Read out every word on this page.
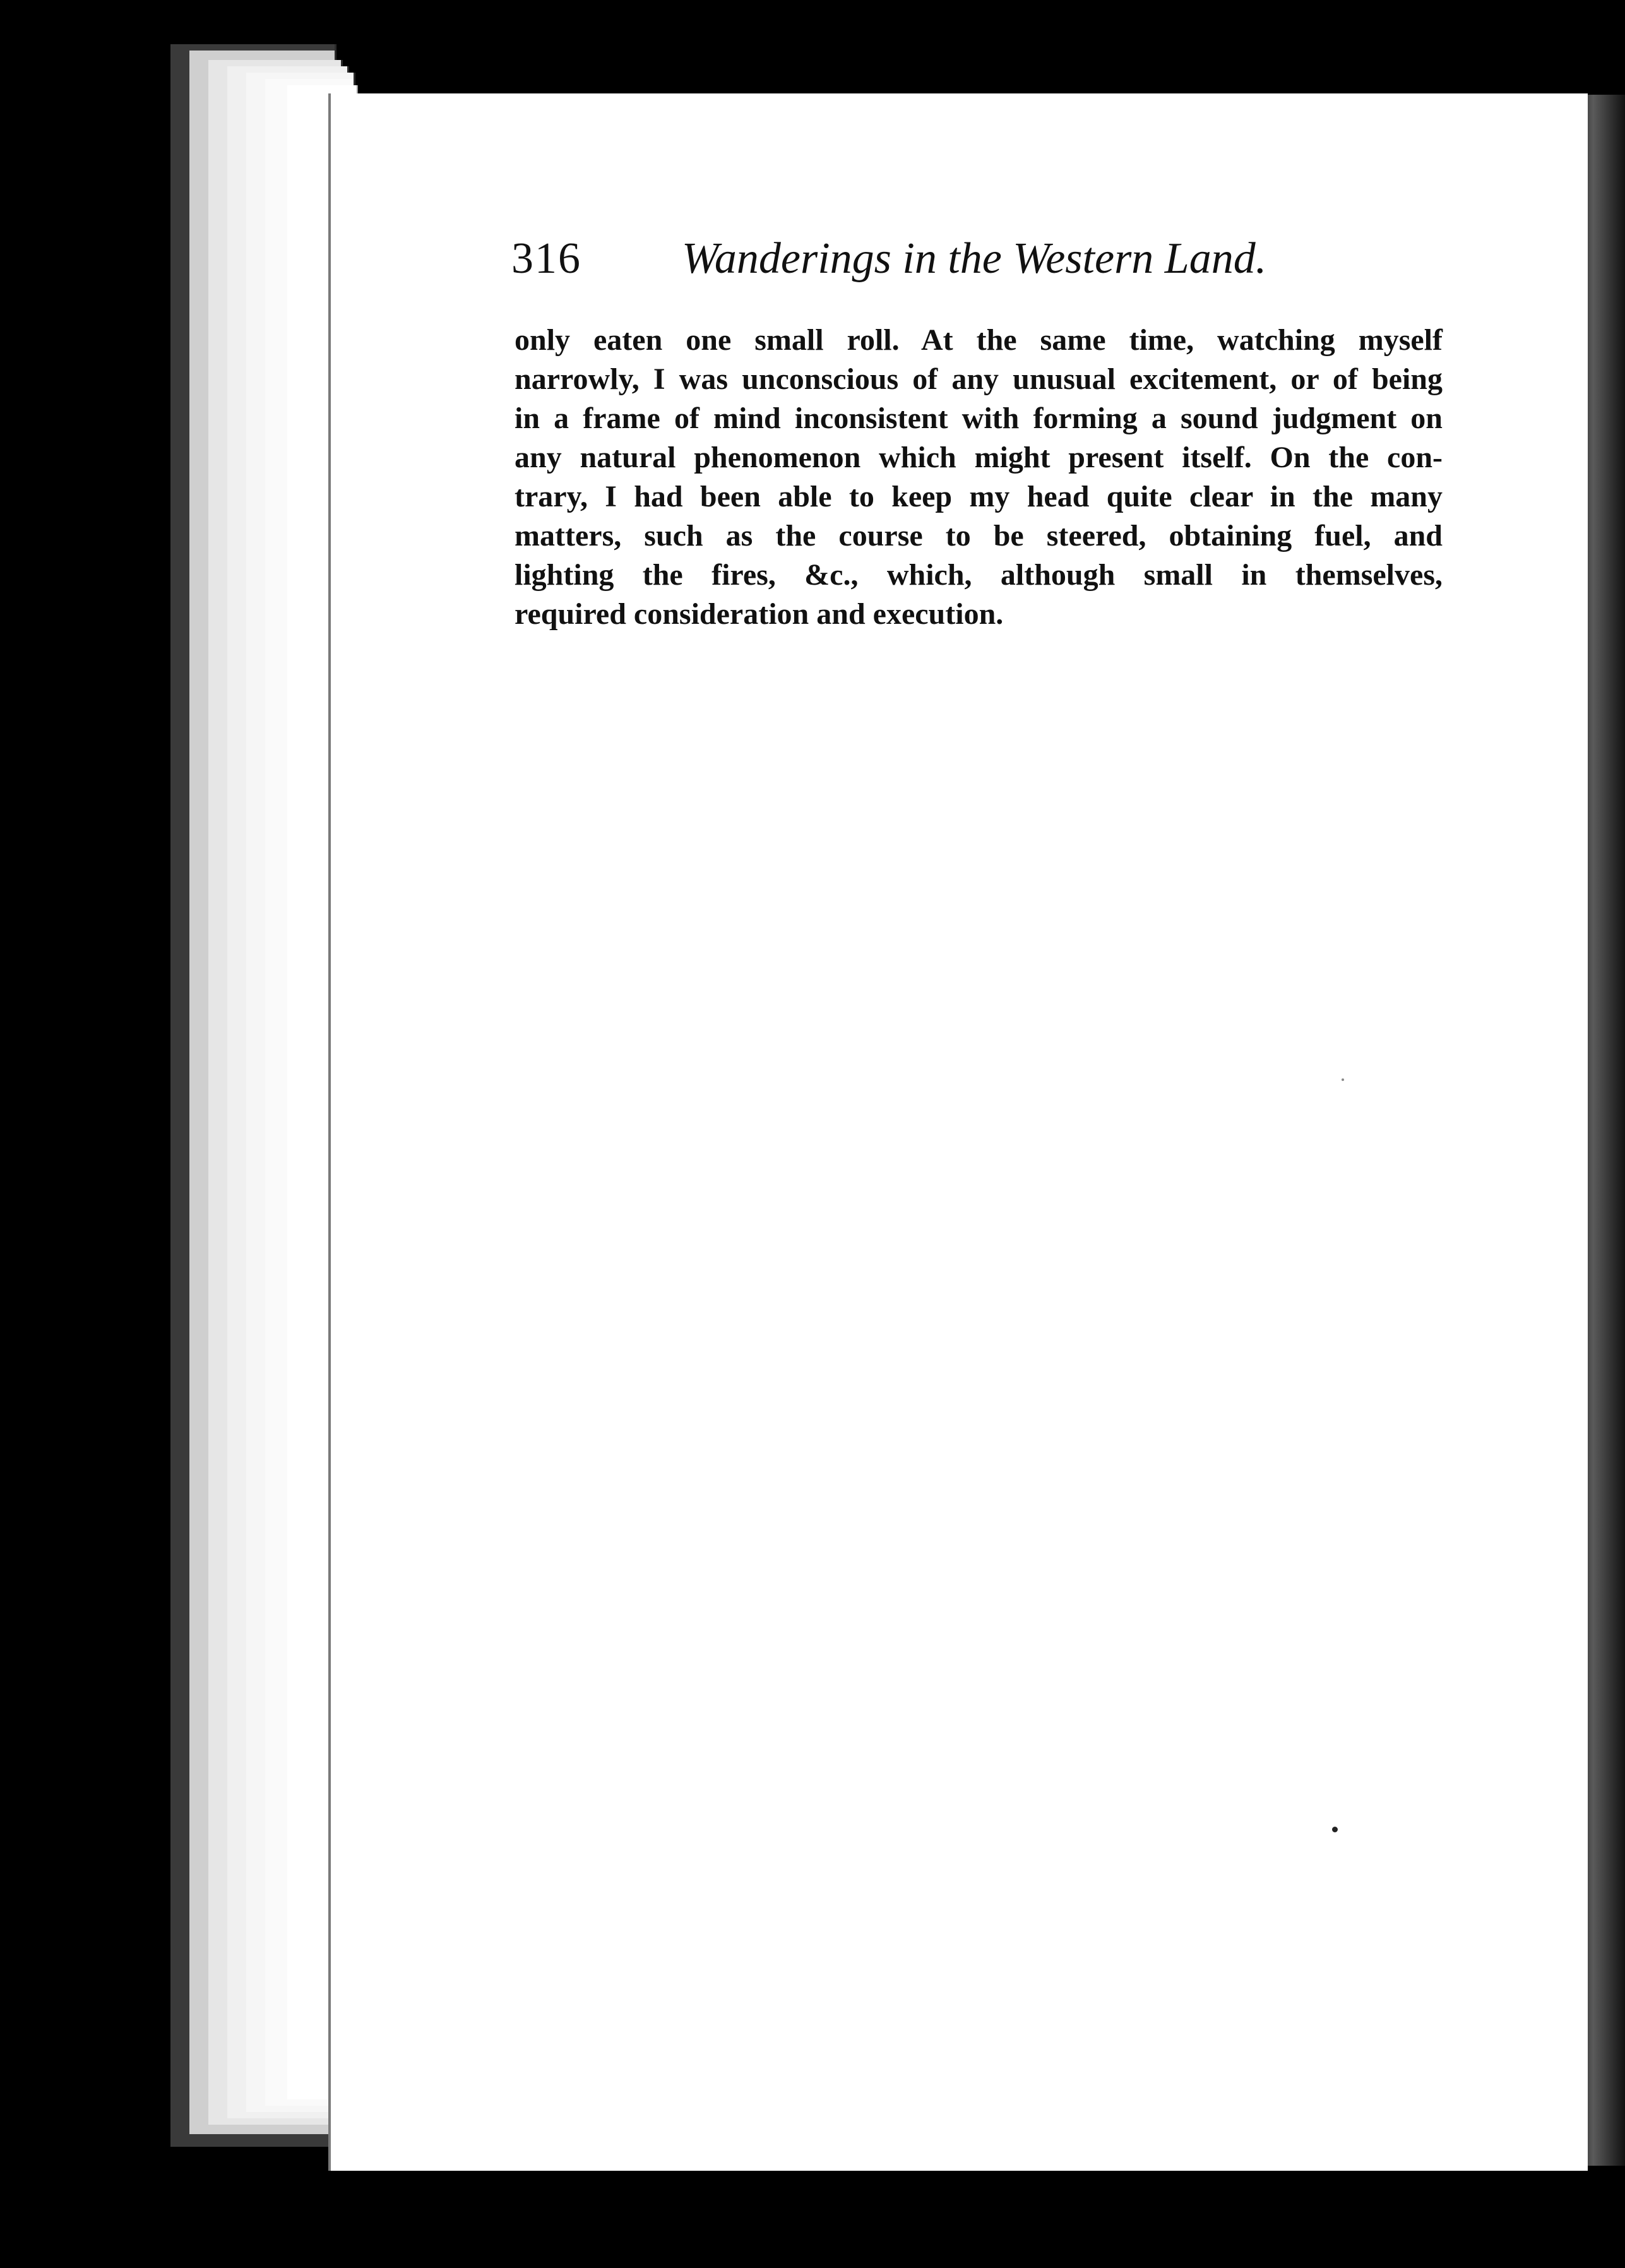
316 Wanderings in the Western Land.
only eaten one small roll. At the same time, watching myself
narrowly, I was unconscious of any unusual excitement, or of being
in a frame of mind inconsistent with forming a sound judgment on
any natural phenomenon which might present itself. On the con-
trary, I had been able to keep my head quite clear in the many
matters, such as the course to be steered, obtaining fuel, and
lighting the fires, &c., which, although small in themselves,
required consideration and execution.
